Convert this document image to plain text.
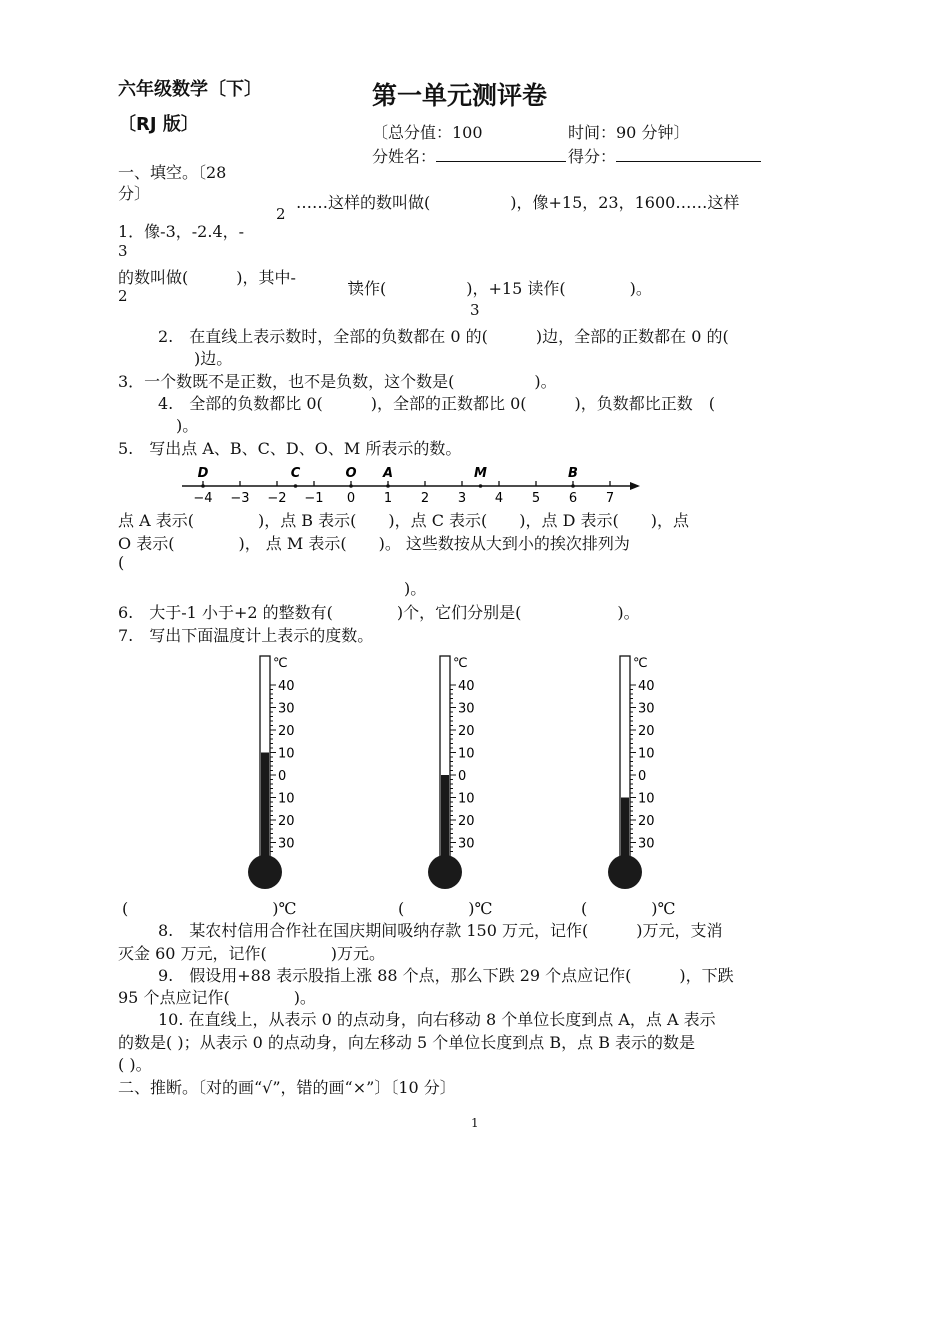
六年级数学〔下〕
〔RJ 版〕
第一单元测评卷
〔总分值：100	时间：90 分钟〕
分姓名：	得分：
一、填空。〔28
分〕
2
……这样的数叫做(　　　　　)，像+15，23，1600……这样
1．像-3，-2.4，-
3
的数叫做(　　　)，其中-
2	读作(　　　　　)，+15 读作(　　　　)。
3
2.　在直线上表示数时，全部的负数都在 0 的(　　　)边，全部的正数都在 0 的(
)边。
3．一个数既不是正数，也不是负数，这个数是(　　　　　)。
4.　全部的负数都比 0(　　　)，全部的正数都比 0(　　　)，负数都比正数　(
)。
5.　写出点 A、B、C、D、O、M 所表示的数。
−4 −3 −2 −1 0 1 2 3 4 5 6 7
D	C	O A	M	B
点 A 表示(　　　　)，点 B 表示(　　)，点 C 表示(　　)，点 D 表示(　　)，点
O 表示(　　　　)， 点 M 表示(　　)。 这些数按从大到小的挨次排列为
(
)。
6.　大于-1 小于+2 的整数有(　　　　)个，它们分别是(　　　　　　)。
7.　写出下面温度计上表示的度数。
℃
40
30
20
10
0
10
20
30
℃
40
30
20
10
0
10
20
30
℃
40
30
20
10
0
10
20
30
(　　　　　　　　　)℃	(　　　　)℃	(　　　　)℃
8.　某农村信用合作社在国庆期间吸纳存款 150 万元，记作(　　　)万元，支消
灭金 60 万元，记作(　　　　)万元。
9.　假设用+88 表示股指上涨 88 个点，那么下跌 29 个点应记作(　　　)，下跌
95 个点应记作(　　　　)。
10. 在直线上，从表示 0 的点动身，向右移动 8 个单位长度到点 A，点 A 表示
的数是( )；从表示 0 的点动身，向左移动 5 个单位长度到点 B，点 B 表示的数是
( )。
二、推断。〔对的画“√”，错的画“×”〕〔10 分〕
1
